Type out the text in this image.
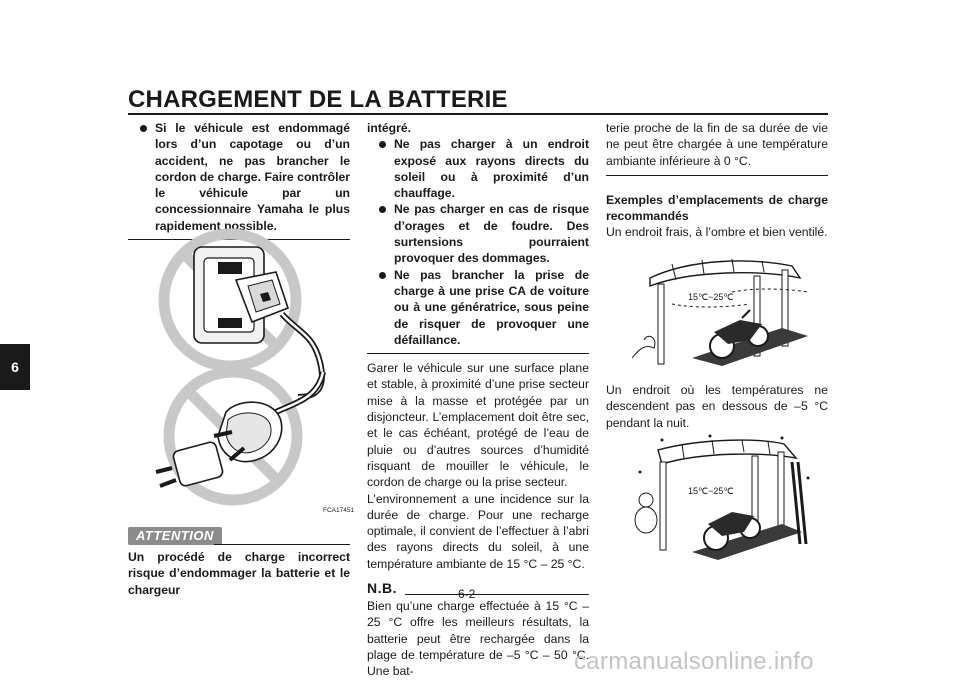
CHARGEMENT DE LA BATTERIE
6
Si le véhicule est endommagé lors d’un capotage ou d’un accident, ne pas brancher le cordon de charge. Faire contrôler le véhicule par un concessionnaire Yamaha le plus rapidement possible.
FCA17451
ATTENTION

Un procédé de charge incorrect risque d’endommager la batterie et le chargeur

intégré.

Ne pas charger à un endroit exposé aux rayons directs du soleil ou à proximité d’un chauffage.
Ne pas charger en cas de risque d’orages et de foudre. Des surtensions pourraient provoquer des dommages.
Ne pas brancher la prise de charge à une prise CA de voiture ou à une génératrice, sous peine de risquer de provoquer une défaillance.

Garer le véhicule sur une surface plane et stable, à proximité d’une prise secteur mise à la masse et protégée par un disjoncteur. L’emplacement doit être sec, et le cas échéant, protégé de l’eau de pluie ou d’autres sources d’humidité risquant de mouiller le véhicule, le cordon de charge ou la prise secteur.

L’environnement a une incidence sur la durée de charge. Pour une recharge optimale, il convient de l’effectuer à l’abri des rayons directs du soleil, à une température ambiante de 15 °C – 25 °C.

N.B.

Bien qu’une charge effectuée à 15 °C – 25 °C offre les meilleurs résultats, la batterie peut être rechargée dans la plage de température de –5 °C – 50 °C. Une bat-

terie proche de la fin de sa durée de vie ne peut être chargée à une température ambiante inférieure à 0 °C.

Exemples d’emplacements de charge recommandés

Un endroit frais, à l’ombre et bien ventilé.

15℃−25℃

Un endroit où les températures ne descendent pas en dessous de –5 °C pendant la nuit.

15℃−25℃
6-2
carmanualsonline.info
